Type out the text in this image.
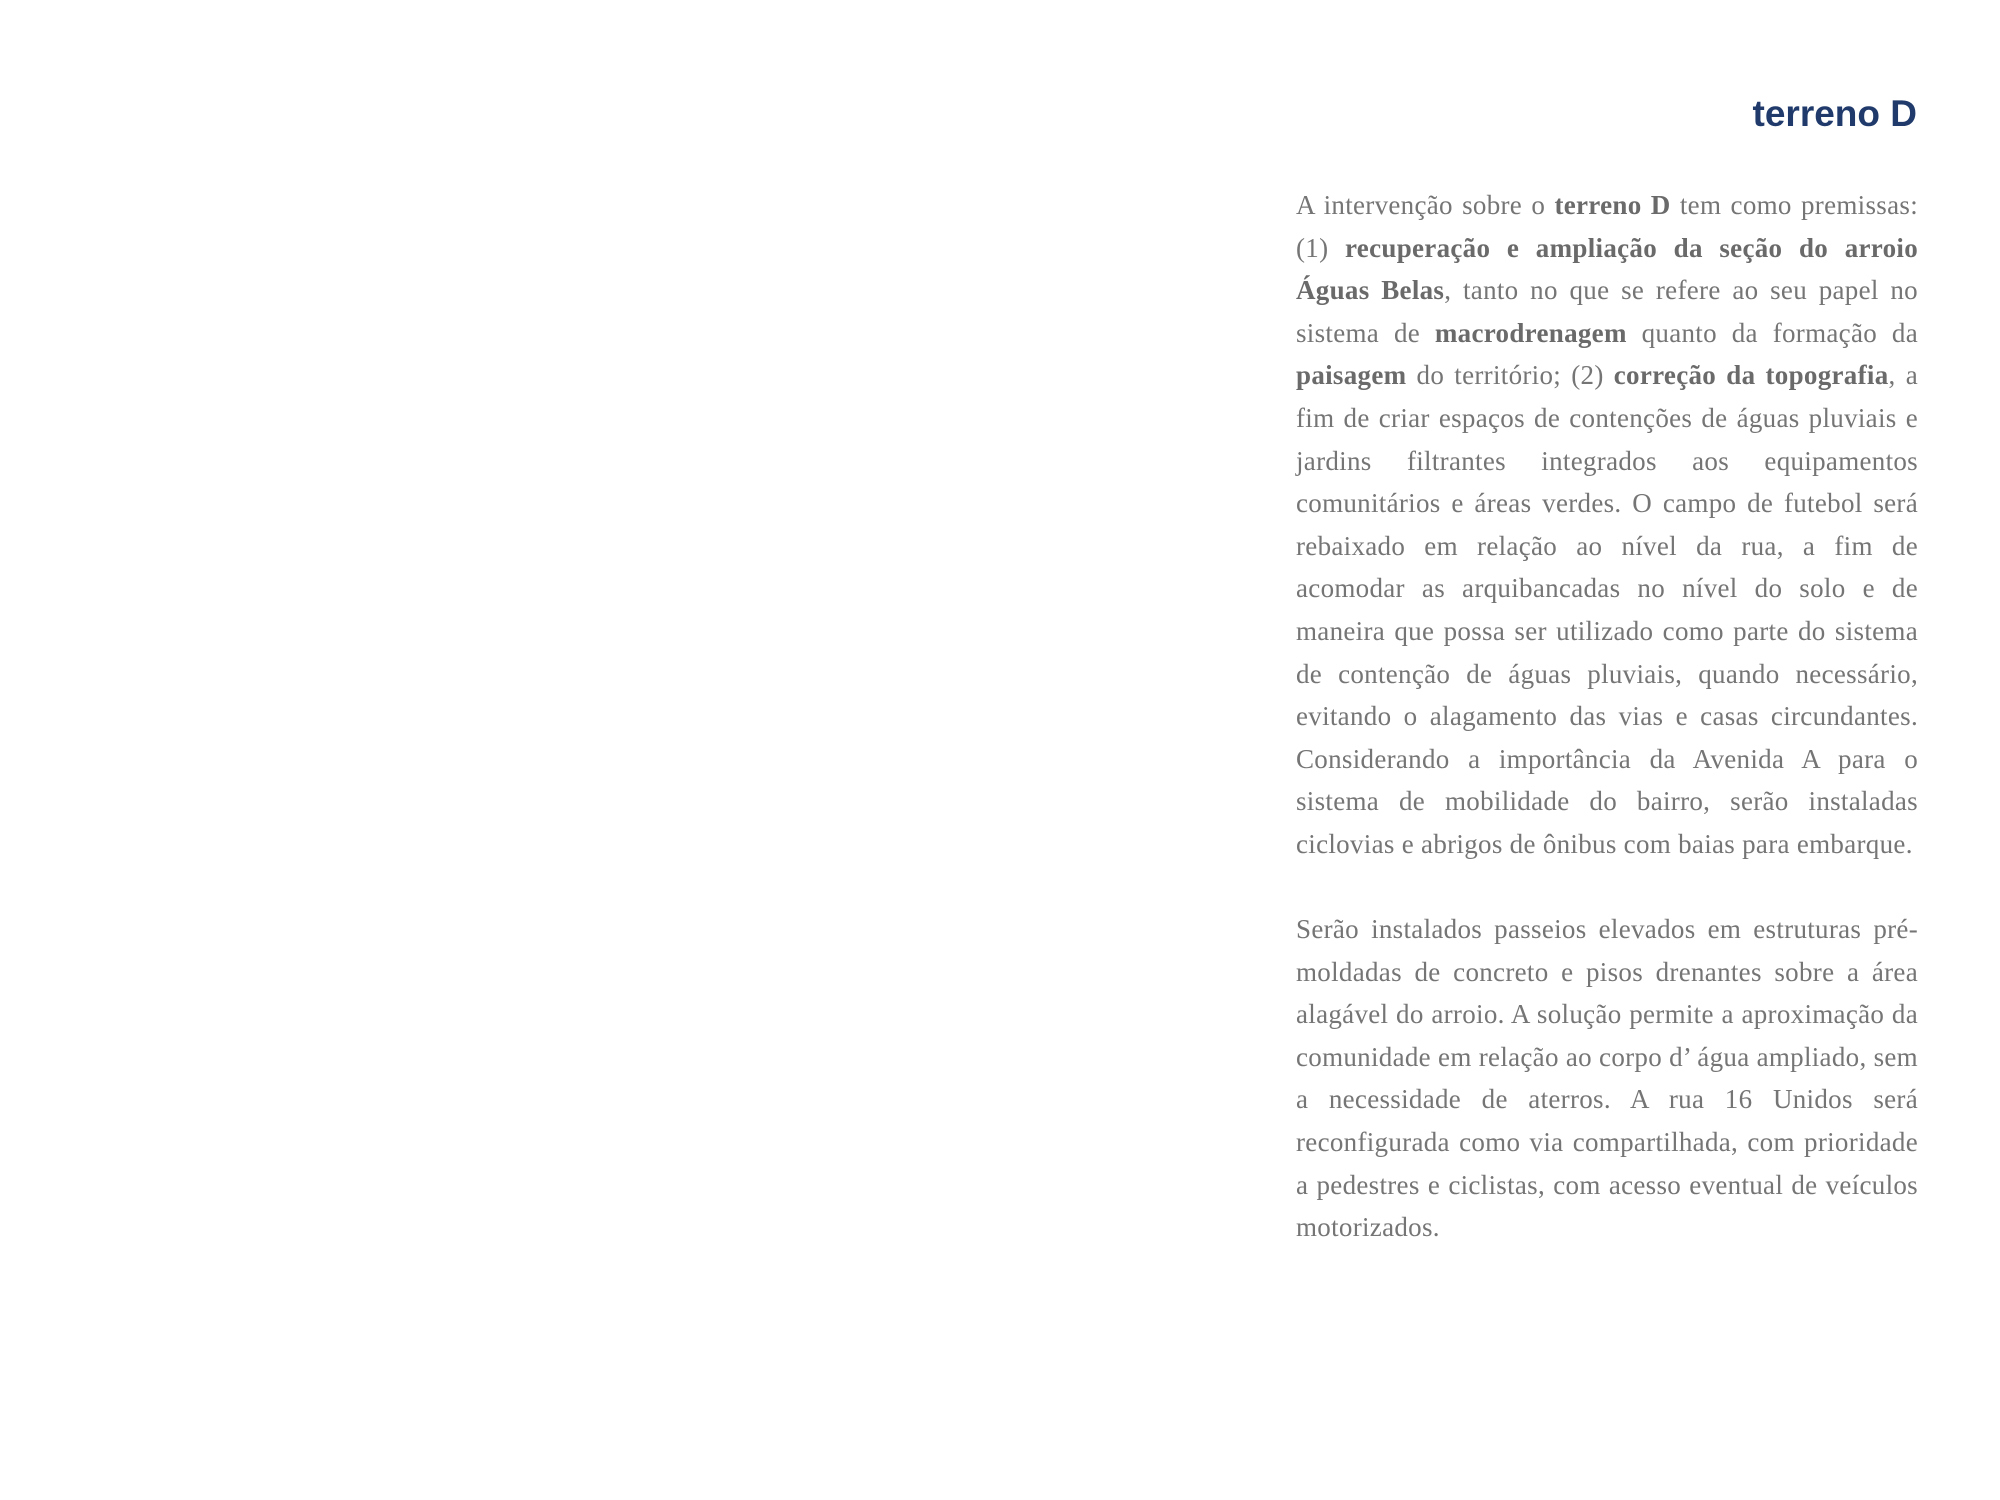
terreno D

A intervenção sobre o terreno D tem como premissas: (1) recuperação e ampliação da seção do arroio Águas Belas, tanto no que se refere ao seu papel no sistema de macrodrenagem quanto da formação da paisagem do território; (2) correção da topografia, a fim de criar espaços de contenções de águas pluviais e jardins filtrantes integrados aos equipamentos comunitários e áreas verdes. O campo de futebol será rebaixado em relação ao nível da rua, a fim de acomodar as arquibancadas no nível do solo e de maneira que possa ser utilizado como parte do sistema de contenção de águas pluviais, quando necessário, evitando o alagamento das vias e casas circundantes. Considerando a importância da Avenida A para o sistema de mobilidade do bairro, serão instaladas ciclovias e abrigos de ônibus com baias para embarque.

Serão instalados passeios elevados em estruturas pré-moldadas de concreto e pisos drenantes sobre a área alagável do arroio. A solução permite a aproximação da comunidade em relação ao corpo d’ água ampliado, sem a necessidade de aterros. A rua 16 Unidos será reconfigurada como via compartilhada, com prioridade a pedestres e ciclistas, com acesso eventual de veículos motorizados.
